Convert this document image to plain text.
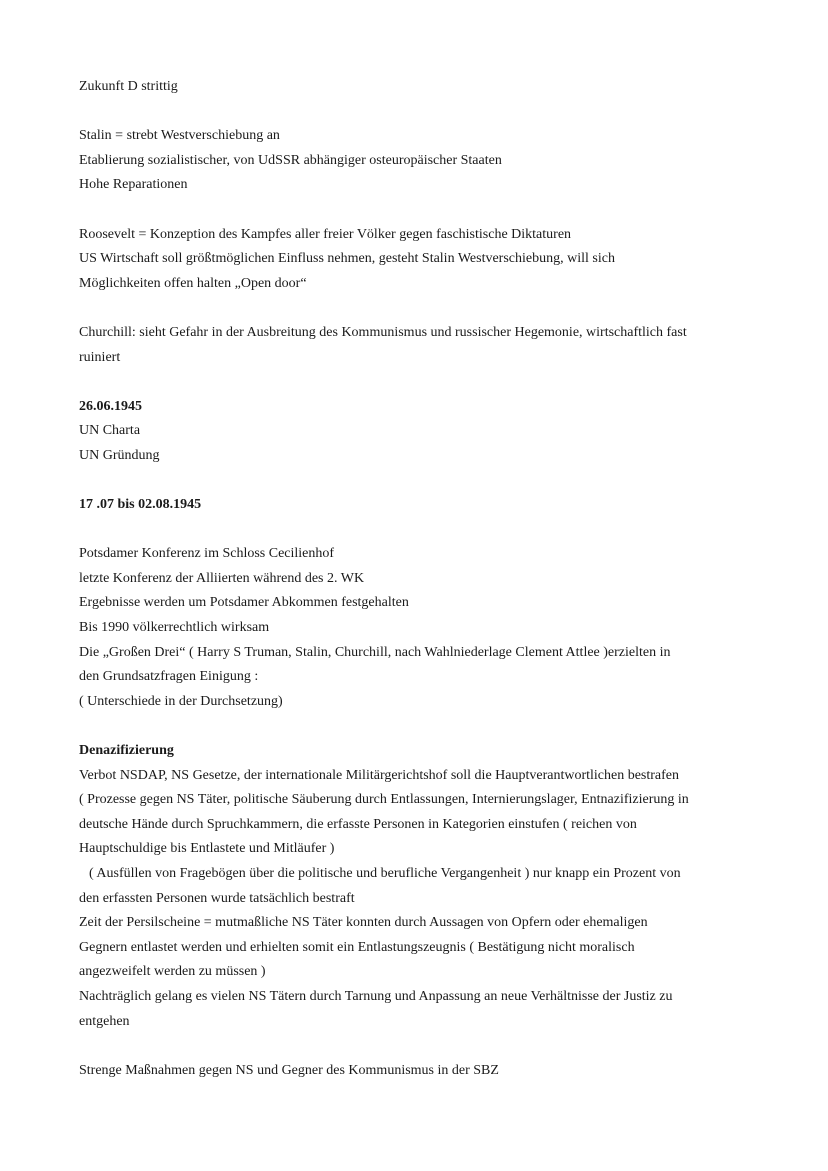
Zukunft D strittig
Stalin = strebt Westverschiebung an
Etablierung sozialistischer, von UdSSR abhängiger osteuropäischer Staaten
Hohe Reparationen
Roosevelt = Konzeption des Kampfes aller freier Völker gegen faschistische Diktaturen
US Wirtschaft soll größtmöglichen Einfluss nehmen, gesteht Stalin Westverschiebung, will sich
Möglichkeiten offen halten „Open door“
Churchill: sieht Gefahr in der Ausbreitung des Kommunismus und russischer Hegemonie, wirtschaftlich fast
ruiniert
26.06.1945
UN Charta
UN Gründung
17 .07 bis 02.08.1945
Potsdamer Konferenz im Schloss Cecilienhof
letzte Konferenz der Alliierten während des 2. WK
Ergebnisse werden um Potsdamer Abkommen festgehalten
Bis 1990 völkerrechtlich wirksam
Die „Großen Drei“ ( Harry S Truman, Stalin, Churchill, nach Wahlniederlage Clement Attlee )erzielten in
den Grundsatzfragen Einigung :
( Unterschiede in der Durchsetzung)
Denazifizierung
Verbot NSDAP, NS Gesetze, der internationale Militärgerichtshof soll die Hauptverantwortlichen bestrafen
( Prozesse gegen NS Täter, politische Säuberung durch Entlassungen, Internierungslager, Entnazifizierung in
deutsche Hände durch Spruchkammern, die erfasste Personen in Kategorien einstufen ( reichen von
Hauptschuldige bis Entlastete und Mitläufer )
( Ausfüllen von Fragebögen über die politische und berufliche Vergangenheit ) nur knapp ein Prozent von
den erfassten Personen wurde tatsächlich bestraft
Zeit der Persilscheine = mutmaßliche NS Täter konnten durch Aussagen von Opfern oder ehemaligen
Gegnern entlastet werden und erhielten somit ein Entlastungszeugnis ( Bestätigung nicht moralisch
angezweifelt werden zu müssen )
Nachträglich gelang es vielen NS Tätern durch Tarnung und Anpassung an neue Verhältnisse der Justiz zu
entgehen
Strenge Maßnahmen gegen NS und Gegner des Kommunismus in der SBZ
